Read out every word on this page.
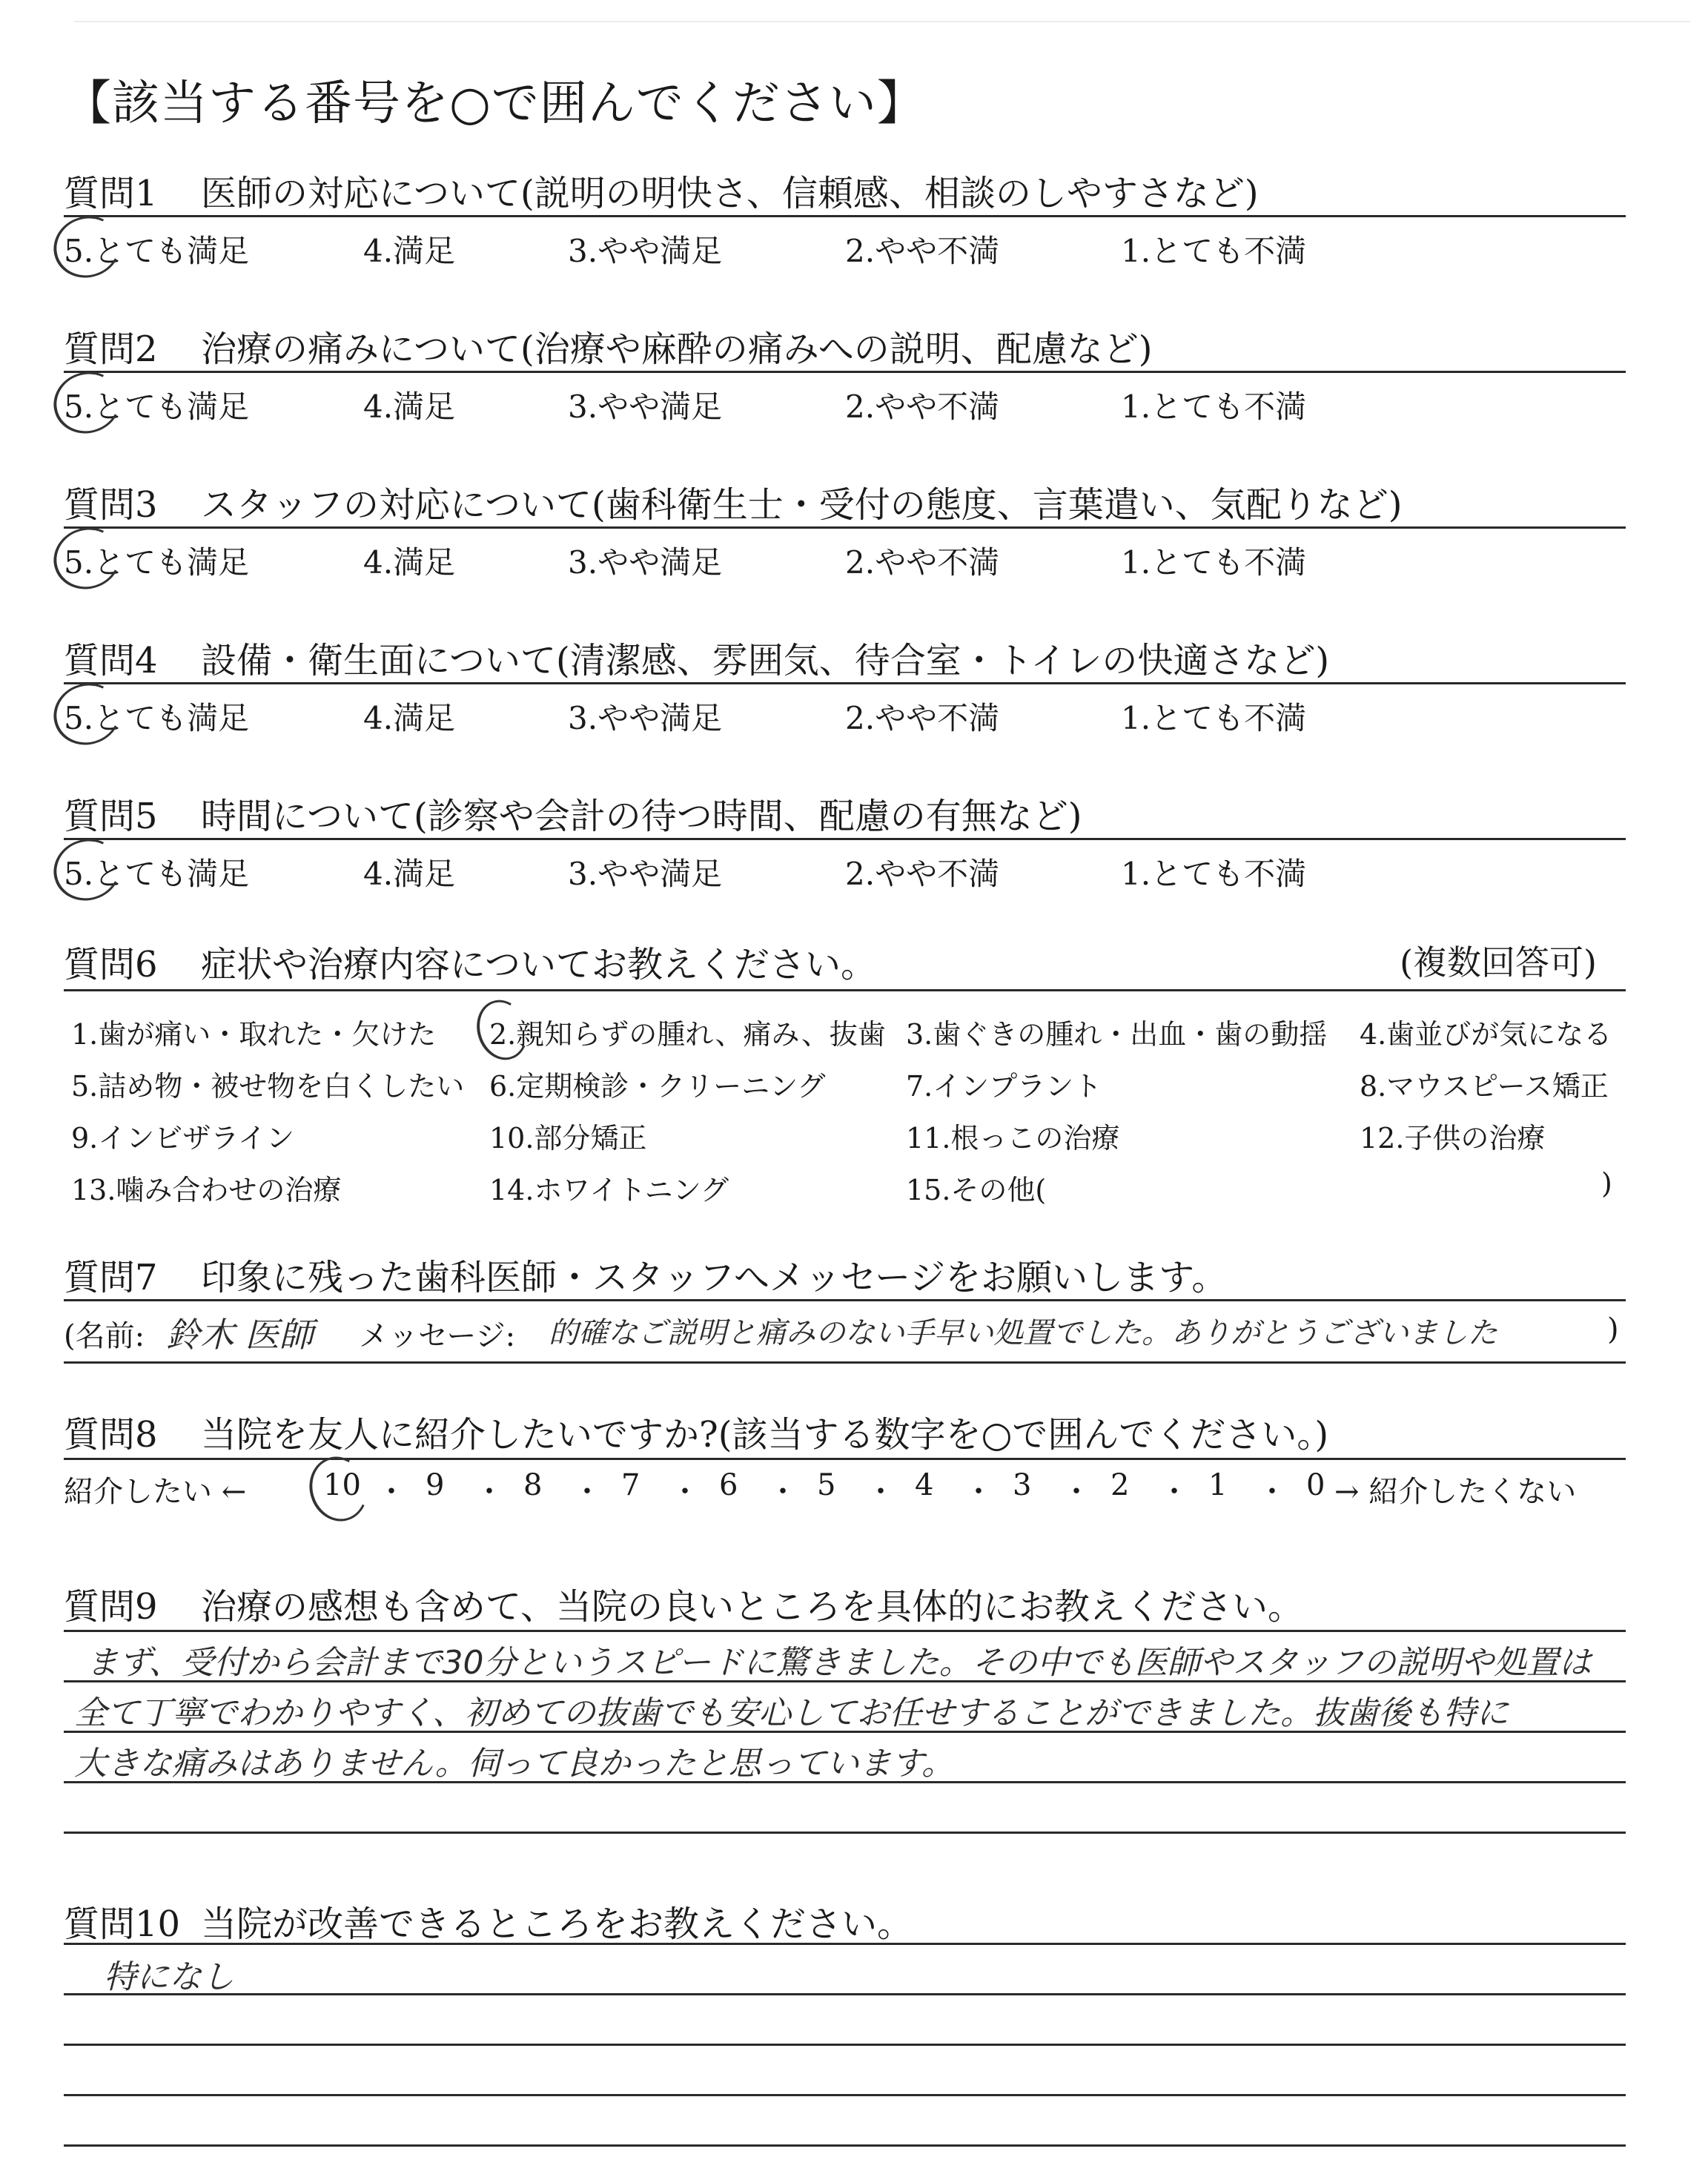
【該当する番号を○で囲んでください】
質問1 医師の対応について(説明の明快さ、信頼感、相談のしやすさなど)
5.とても満足	4.満足	3.やや満足	2.やや不満	1.とても不満
質問2 治療の痛みについて(治療や麻酔の痛みへの説明、配慮など)
5.とても満足	4.満足	3.やや満足	2.やや不満	1.とても不満
質問3 スタッフの対応について(歯科衛生士・受付の態度、言葉遣い、気配りなど)
5.とても満足	4.満足	3.やや満足	2.やや不満	1.とても不満
質問4 設備・衛生面について(清潔感、雰囲気、待合室・トイレの快適さなど)
5.とても満足	4.満足	3.やや満足	2.やや不満	1.とても不満
質問5 時間について(診察や会計の待つ時間、配慮の有無など)
5.とても満足	4.満足	3.やや満足	2.やや不満	1.とても不満
質問6 症状や治療内容についてお教えください。	(複数回答可)
1.歯が痛い・取れた・欠けた 2.親知らずの腫れ、痛み、抜歯 3.歯ぐきの腫れ・出血・歯の動揺 4.歯並びが気になる
5.詰め物・被せ物を白くしたい 6.定期検診・クリーニング	7.インプラント	8.マウスピース矯正
9.インビザライン	10.部分矯正	11.根っこの治療	12.子供の治療
13.噛み合わせの治療	14.ホワイトニング	15.その他(	)
質問7 印象に残った歯科医師・スタッフへメッセージをお願いします。
(名前: 鈴木 医師 メッセージ: 的確なご説明と痛みのない手早い処置でした。ありがとうございました	)
質問8 当院を友人に紹介したいですか?(該当する数字を○で囲んでください。)
紹介したい ←	10 ・ 9 ・ 8 ・ 7 ・ 6 ・ 5 ・ 4 ・ 3 ・ 2 ・ 1 ・ 0 → 紹介したくない
質問9 治療の感想も含めて、当院の良いところを具体的にお教えください。
まず、受付から会計まで30分というスピードに驚きました。その中でも医師やスタッフの説明や処置は
全て丁寧でわかりやすく、初めての抜歯でも安心してお任せすることができました。抜歯後も特に
大きな痛みはありません。伺って良かったと思っています。
質問10 当院が改善できるところをお教えください。
特になし
